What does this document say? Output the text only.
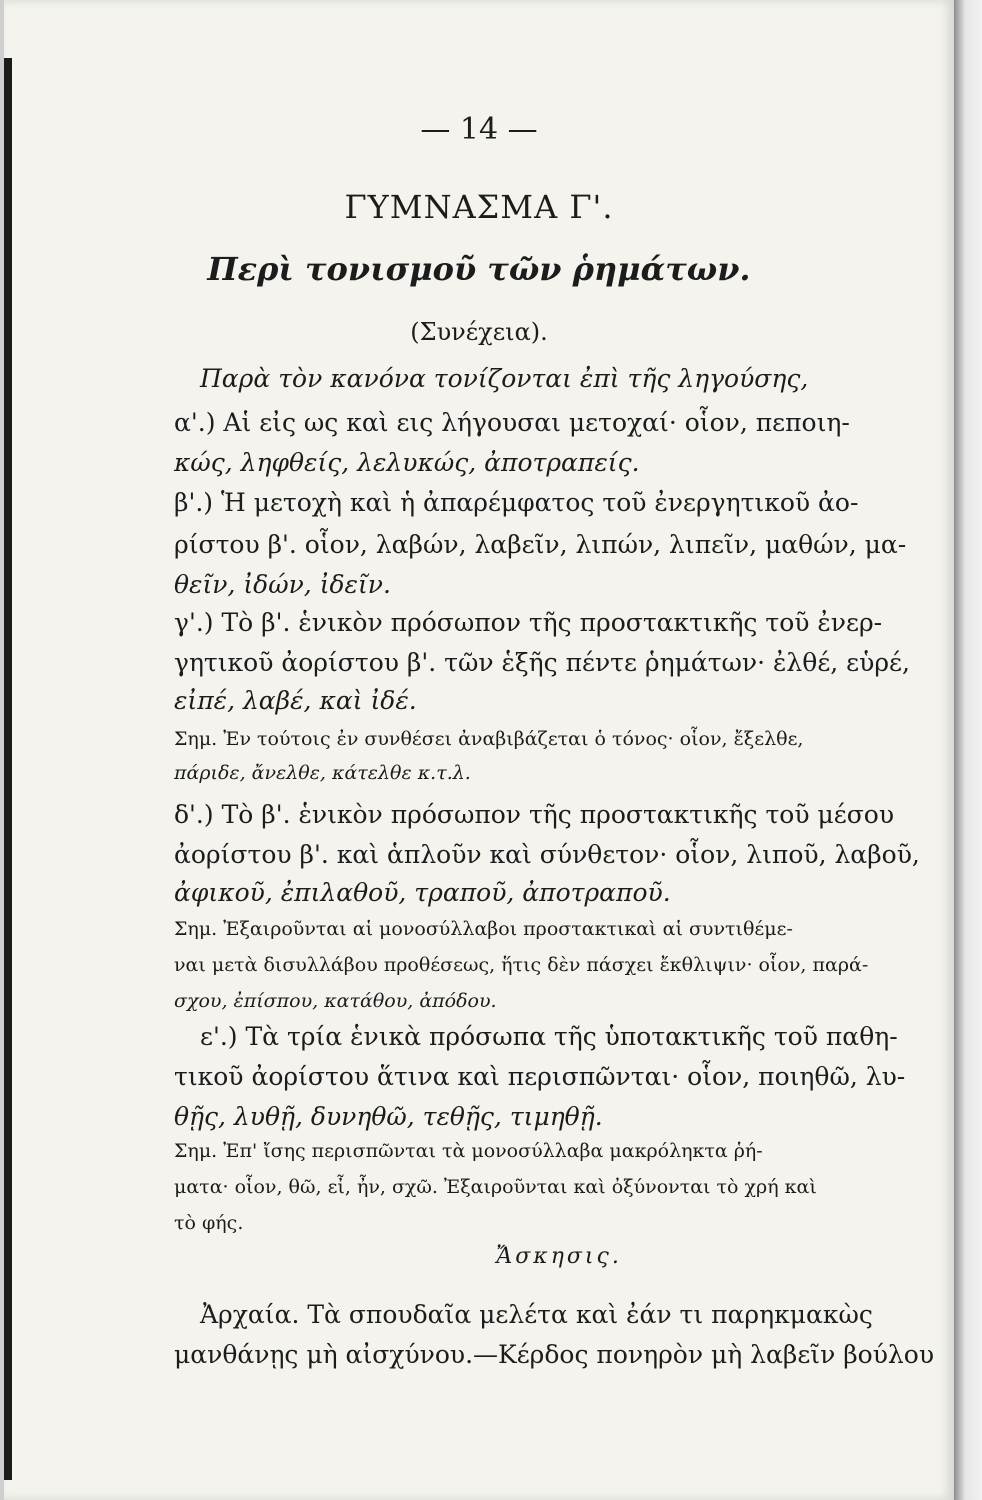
— 14 —
ΓΥΜΝΑΣΜΑ Γ'.
Περὶ τονισμοῦ τῶν ῥημάτων.
(Συνέχεια).
Παρὰ τὸν κανόνα τονίζονται ἐπὶ τῆς ληγούσης,
α'.) Αἱ εἰς ως καὶ εις λήγουσαι μετοχαί· οἷον, πεποιη-
κώς, ληφθείς, λελυκώς, ἀποτραπείς.
β'.) Ἡ μετοχὴ καὶ ἡ ἀπαρέμφατος τοῦ ἐνεργητικοῦ ἀο-
ρίστου β'. οἷον, λαβών, λαβεῖν, λιπών, λιπεῖν, μαθών, μα-
θεῖν, ἰδών, ἰδεῖν.
γ'.) Τὸ β'. ἑνικὸν πρόσωπον τῆς προστακτικῆς τοῦ ἐνερ-
γητικοῦ ἀορίστου β'. τῶν ἑξῆς πέντε ῥημάτων· ἐλθέ, εὑρέ,
εἰπέ, λαβέ, καὶ ἰδέ.
Σημ. Ἐν τούτοις ἐν συνθέσει ἀναβιβάζεται ὁ τόνος· οἷον, ἔξελθε,
πάριδε, ἄνελθε, κάτελθε κ.τ.λ.
δ'.) Τὸ β'. ἑνικὸν πρόσωπον τῆς προστακτικῆς τοῦ μέσου
ἀορίστου β'. καὶ ἁπλοῦν καὶ σύνθετον· οἷον, λιποῦ, λαβοῦ,
ἀφικοῦ, ἐπιλαθοῦ, τραποῦ, ἀποτραποῦ.
Σημ. Ἐξαιροῦνται αἱ μονοσύλλαβοι προστακτικαὶ αἱ συντιθέμε-
ναι μετὰ δισυλλάβου προθέσεως, ἥτις δὲν πάσχει ἔκθλιψιν· οἷον, παρά-
σχου, ἐπίσπου, κατάθου, ἀπόδου.
ε'.) Τὰ τρία ἑνικὰ πρόσωπα τῆς ὑποτακτικῆς τοῦ παθη-
τικοῦ ἀορίστου ἅτινα καὶ περισπῶνται· οἷον, ποιηθῶ, λυ-
θῇς, λυθῇ, δυνηθῶ, τεθῇς, τιμηθῇ.
Σημ. Ἐπ' ἴσης περισπῶνται τὰ μονοσύλλαβα μακρόληκτα ῥή-
ματα· οἷον, θῶ, εἶ, ἦν, σχῶ. Ἐξαιροῦνται καὶ ὀξύνονται τὸ χρή καὶ
τὸ φής.
Ἄσκησις.
Ἀρχαία. Τὰ σπουδαῖα μελέτα καὶ ἐάν τι παρηκμακὼς
μανθάνῃς μὴ αἰσχύνου.—Κέρδος πονηρὸν μὴ λαβεῖν βούλου
